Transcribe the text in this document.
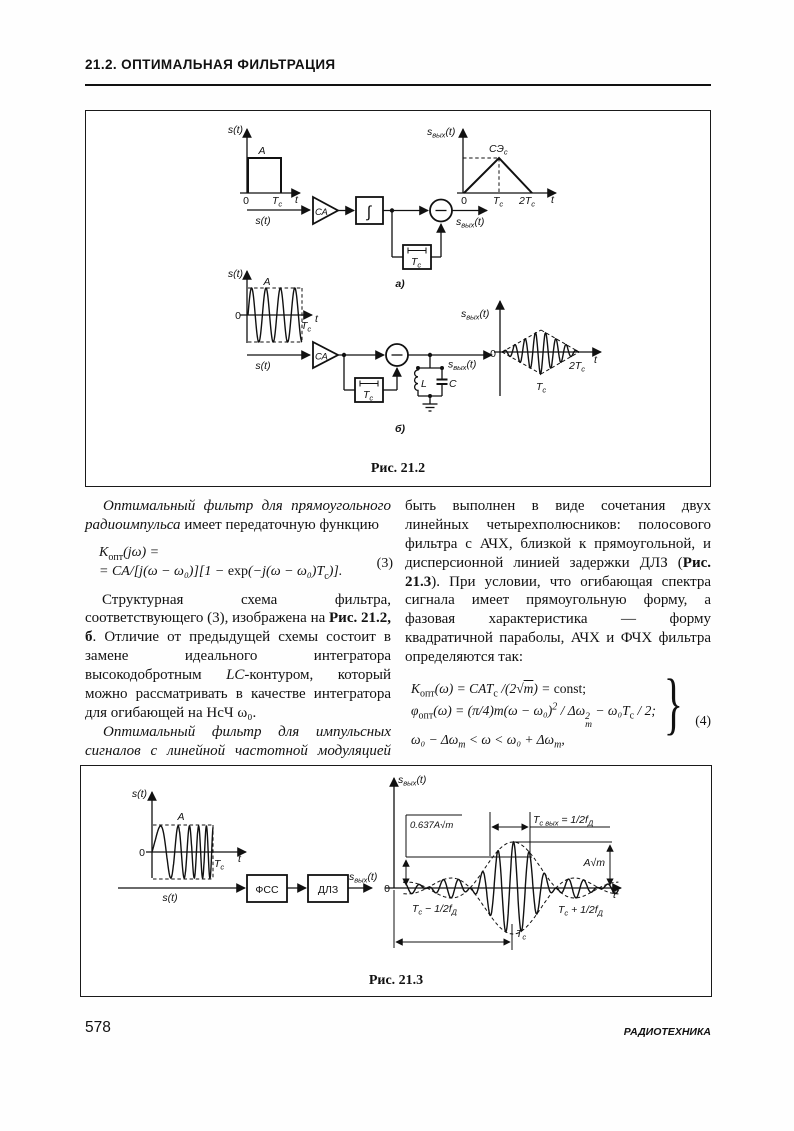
21.2. ОПТИМАЛЬНАЯ ФИЛЬТРАЦИЯ
s(t)
A
0 $T_с$ t
s(t)
СА ∫
$s_{вых}(t)$
$T_с$
а)
$s_{вых}(t)$
$СЭ_с$
0 $T_с$ $2T_с$ t
s(t)
A
0
$T_с$
t
s(t)
СА
$T_с$
$s_{вых}(t)$
L C
б)
$s_{вых}(t)$
0
$2T_с$
$T_с$
t
Рис. 21.2

Оптимальный фильтр для прямоугольного радиоимпульса имеет передаточную функцию

$K_{опт}(j\omega)$ =
= $CA/[j(\omega - \omega_0)][1 - \exp(-j(\omega - \omega_0)T_с)]$.
(3)

Структурная схема фильтра, соответствующего (3), изображена на Рис. 21.2, б. Отличие от предыдущей схемы состоит в замене идеального интегратора высокодобротным LC-контуром, который можно рассматривать в качестве интегратора для огибающей на НсЧ ω₀.

Оптимальный фильтр для импульсных сигналов с линейной частотной модуляцией

быть выполнен в виде сочетания двух линейных четырехполюсников: полосового фильтра с АЧХ, близкой к прямоугольной, и дисперсионной линией задержки ДЛЗ (Рис. 21.3). При условии, что огибающая спектра сигнала имеет прямоугольную форму, а фазовая характеристика — форму квадратичной параболы, АЧХ и ФЧХ фильтра определяются так:

$K_{опт}(\omega) = CAT_с$ /(2√m) = const;
$\varphi_{опт}(\omega) = (\pi/4)m(\omega - \omega_0)^2 / \Delta\omega$ 2
m
− $\omega_0T_с / 2$;
$\omega_0 - \Delta\omega_m < \omega < \omega_0 + \Delta\omega_m$,	} (4)
s(t)
A
0
$T_с$
t
s(t)
ФСС	ДЛЗ
$s_{вых}(t)$
$s_{вых}(t)$
0	t
0.637A√m
A√m
$T_{с вых} = 1/2f_Д$
$T_с - 1/2f_Д$	$T_с + 1/2f_Д$
$T_с$
Рис. 21.3
578	РАДИОТЕХНИКА
